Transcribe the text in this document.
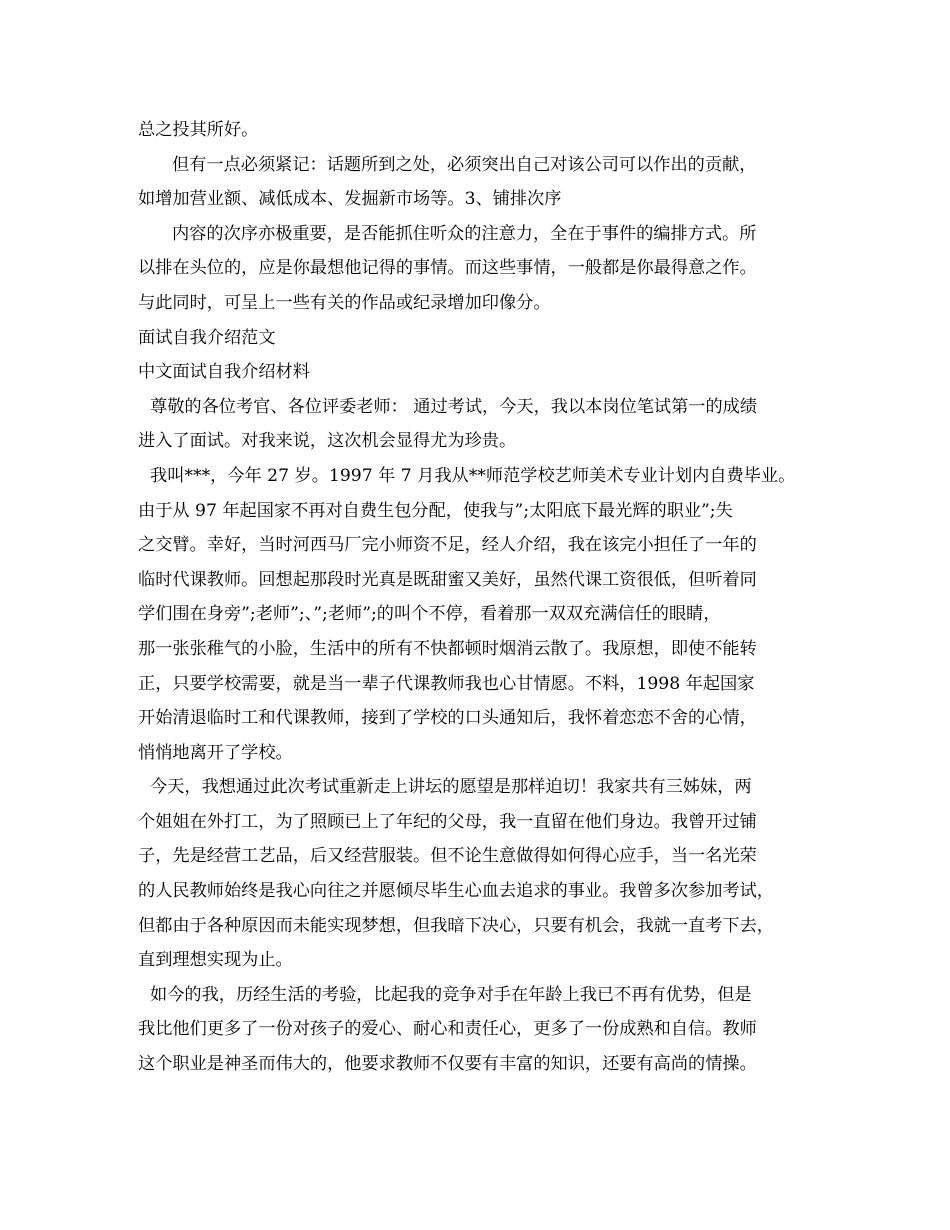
总之投其所好。
但有一点必须紧记：话题所到之处，必须突出自己对该公司可以作出的贡献，
如增加营业额、减低成本、发掘新市场等。3、铺排次序
内容的次序亦极重要，是否能抓住听众的注意力，全在于事件的编排方式。所
以排在头位的，应是你最想他记得的事情。而这些事情，一般都是你最得意之作。
与此同时，可呈上一些有关的作品或纪录增加印像分。
面试自我介绍范文
中文面试自我介绍材料
尊敬的各位考官、各位评委老师： 通过考试，今天，我以本岗位笔试第一的成绩
进入了面试。对我来说，这次机会显得尤为珍贵。
我叫***，今年 27 岁。1997 年 7 月我从**师范学校艺师美术专业计划内自费毕业。
由于从 97 年起国家不再对自费生包分配，使我与”;太阳底下最光辉的职业”;失
之交臂。幸好，当时河西马厂完小师资不足，经人介绍，我在该完小担任了一年的
临时代课教师。回想起那段时光真是既甜蜜又美好，虽然代课工资很低，但听着同
学们围在身旁”;老师”;、”;老师”;的叫个不停，看着那一双双充满信任的眼睛，
那一张张稚气的小脸，生活中的所有不快都顿时烟消云散了。我原想，即使不能转
正，只要学校需要，就是当一辈子代课教师我也心甘情愿。不料，1998 年起国家
开始清退临时工和代课教师，接到了学校的口头通知后，我怀着恋恋不舍的心情，
悄悄地离开了学校。
今天，我想通过此次考试重新走上讲坛的愿望是那样迫切！我家共有三姊妹，两
个姐姐在外打工，为了照顾已上了年纪的父母，我一直留在他们身边。我曾开过铺
子，先是经营工艺品，后又经营服装。但不论生意做得如何得心应手，当一名光荣
的人民教师始终是我心向往之并愿倾尽毕生心血去追求的事业。我曾多次参加考试，
但都由于各种原因而未能实现梦想，但我暗下决心，只要有机会，我就一直考下去，
直到理想实现为止。
如今的我，历经生活的考验，比起我的竞争对手在年龄上我已不再有优势，但是
我比他们更多了一份对孩子的爱心、耐心和责任心，更多了一份成熟和自信。教师
这个职业是神圣而伟大的，他要求教师不仅要有丰富的知识，还要有高尚的情操。
